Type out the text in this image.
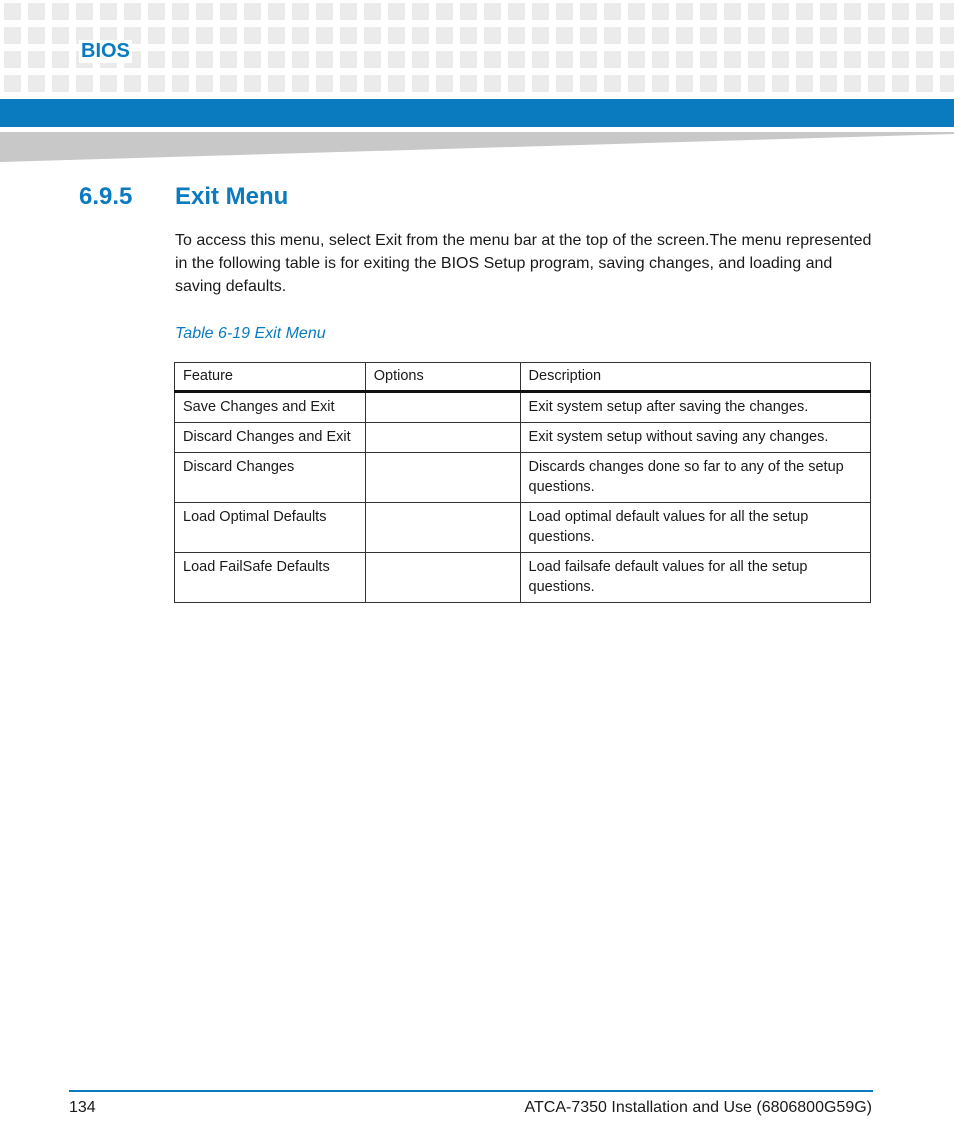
BIOS
6.9.5 Exit Menu

To access this menu, select Exit from the menu bar at the top of the screen.The menu represented in the following table is for exiting the BIOS Setup program, saving changes, and loading and saving defaults.

Table 6-19 Exit Menu

Feature	Options	Description
Save Changes and Exit		Exit system setup after saving the changes.
Discard Changes and Exit		Exit system setup without saving any changes.
Discard Changes		Discards changes done so far to any of the setup questions.
Load Optimal Defaults		Load optimal default values for all the setup questions.
Load FailSafe Defaults		Load failsafe default values for all the setup questions.
134	ATCA-7350 Installation and Use (6806800G59G)
